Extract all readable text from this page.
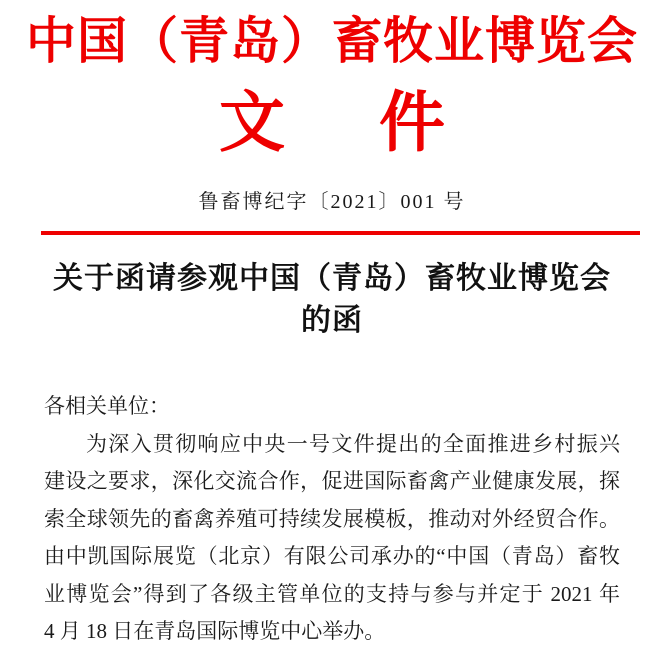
中国（青岛）畜牧业博览会
文 件
鲁畜博纪字〔2021〕001 号
关于函请参观中国（青岛）畜牧业博览会
的函
各相关单位：
为深入贯彻响应中央一号文件提出的全面推进乡村振兴
建设之要求，深化交流合作，促进国际畜禽产业健康发展，探
索全球领先的畜禽养殖可持续发展模板，推动对外经贸合作。
由中凯国际展览（北京）有限公司承办的“中国（青岛）畜牧
业博览会”得到了各级主管单位的支持与参与并定于 2021 年
4 月 18 日在青岛国际博览中心举办。
